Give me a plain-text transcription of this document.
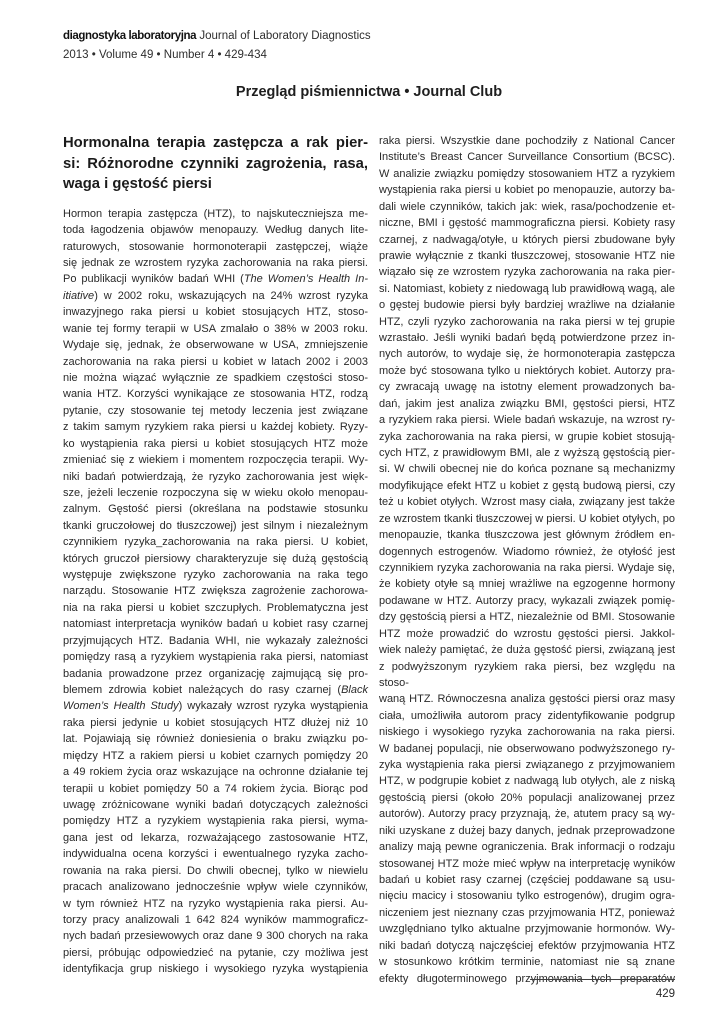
diagnostyka laboratoryjna Journal of Laboratory Diagnostics
2013 • Volume 49 • Number 4 • 429-434
Przegląd piśmiennictwa • Journal Club
Hormonalna terapia zastępcza a rak pier-
si: Różnorodne czynniki zagrożenia, rasa,
waga i gęstość piersi
Hormon terapia zastępcza (HTZ), to najskuteczniejsza me-
toda łagodzenia objawów menopauzy. Według danych lite-
raturowych, stosowanie hormonoterapii zastępczej, wiąże
się jednak ze wzrostem ryzyka zachorowania na raka piersi.
Po publikacji wyników badań WHI (The Women’s Health In-
itiative) w 2002 roku, wskazujących na 24% wzrost ryzyka
inwazyjnego raka piersi u kobiet stosujących HTZ, stoso-
wanie tej formy terapii w USA zmalało o 38% w 2003 roku.
Wydaje się, jednak, że obserwowane w USA, zmniejszenie
zachorowania na raka piersi u kobiet w latach 2002 i 2003
nie można wiązać wyłącznie ze spadkiem częstości stoso-
wania HTZ. Korzyści wynikające ze stosowania HTZ, rodzą
pytanie, czy stosowanie tej metody leczenia jest związane
z takim samym ryzykiem raka piersi u każdej kobiety. Ryzy-
ko wystąpienia raka piersi u kobiet stosujących HTZ może
zmieniać się z wiekiem i momentem rozpoczęcia terapii. Wy-
niki badań potwierdzają, że ryzyko zachorowania jest więk-
sze, jeżeli leczenie rozpoczyna się w wieku około menopau-
zalnym. Gęstość piersi (określana na podstawie stosunku
tkanki gruczołowej do tłuszczowej) jest silnym i niezależnym
czynnikiem ryzyka_zachorowania na raka piersi. U kobiet,
których gruczoł piersiowy charakteryzuje się dużą gęstością
występuje zwiększone ryzyko zachorowania na raka tego
narządu. Stosowanie HTZ zwiększa zagrożenie zachorowa-
nia na raka piersi u kobiet szczupłych. Problematyczna jest
natomiast interpretacja wyników badań u kobiet rasy czarnej
przyjmujących HTZ. Badania WHI, nie wykazały zależności
pomiędzy rasą a ryzykiem wystąpienia raka piersi, natomiast
badania prowadzone przez organizację zajmującą się pro-
blemem zdrowia kobiet należących do rasy czarnej (Black
Women’s Health Study) wykazały wzrost ryzyka wystąpienia
raka piersi jedynie u kobiet stosujących HTZ dłużej niż 10
lat. Pojawiają się również doniesienia o braku związku po-
między HTZ a rakiem piersi u kobiet czarnych pomiędzy 20
a 49 rokiem życia oraz wskazujące na ochronne działanie tej
terapii u kobiet pomiędzy 50 a 74 rokiem życia. Biorąc pod
uwagę zróżnicowane wyniki badań dotyczących zależności
pomiędzy HTZ a ryzykiem wystąpienia raka piersi, wyma-
gana jest od lekarza, rozważającego zastosowanie HTZ,
indywidualna ocena korzyści i ewentualnego ryzyka zacho-
rowania na raka piersi. Do chwili obecnej, tylko w niewielu
pracach analizowano jednocześnie wpływ wiele czynników,
w tym również HTZ na ryzyko wystąpienia raka piersi. Au-
torzy pracy analizowali 1 642 824 wyników mammograficz-
nych badań przesiewowych oraz dane 9 300 chorych na raka
piersi, próbując odpowiedzieć na pytanie, czy możliwa jest
identyfikacja grup niskiego i wysokiego ryzyka wystąpienia
raka piersi. Wszystkie dane pochodziły z National Cancer
Institute’s Breast Cancer Surveillance Consortium (BCSC).
W analizie związku pomiędzy stosowaniem HTZ a ryzykiem
wystąpienia raka piersi u kobiet po menopauzie, autorzy ba-
dali wiele czynników, takich jak: wiek, rasa/pochodzenie et-
niczne, BMI i gęstość mammograficzna piersi. Kobiety rasy
czarnej, z nadwagą/otyłe, u których piersi zbudowane były
prawie wyłącznie z tkanki tłuszczowej, stosowanie HTZ nie
wiązało się ze wzrostem ryzyka zachorowania na raka pier-
si. Natomiast, kobiety z niedowagą lub prawidłową wagą, ale
o gęstej budowie piersi były bardziej wrażliwe na działanie
HTZ, czyli ryzyko zachorowania na raka piersi w tej grupie
wzrastało. Jeśli wyniki badań będą potwierdzone przez in-
nych autorów, to wydaje się, że hormonoterapia zastępcza
może być stosowana tylko u niektórych kobiet. Autorzy pra-
cy zwracają uwagę na istotny element prowadzonych ba-
dań, jakim jest analiza związku BMI, gęstości piersi, HTZ
a ryzykiem raka piersi. Wiele badań wskazuje, na wzrost ry-
zyka zachorowania na raka piersi, w grupie kobiet stosują-
cych HTZ, z prawidłowym BMI, ale z wyższą gęstością pier-
si. W chwili obecnej nie do końca poznane są mechanizmy
modyfikujące efekt HTZ u kobiet z gęstą budową piersi, czy
też u kobiet otyłych. Wzrost masy ciała, związany jest także
ze wzrostem tkanki tłuszczowej w piersi. U kobiet otyłych, po
menopauzie, tkanka tłuszczowa jest głównym źródłem en-
dogennych estrogenów. Wiadomo również, że otyłość jest
czynnikiem ryzyka zachorowania na raka piersi. Wydaje się,
że kobiety otyłe są mniej wrażliwe na egzogenne hormony
podawane w HTZ. Autorzy pracy, wykazali związek pomię-
dzy gęstością piersi a HTZ, niezależnie od BMI. Stosowanie
HTZ może prowadzić do wzrostu gęstości piersi. Jakkol-
wiek należy pamiętać, że duża gęstość piersi, związaną jest
z podwyższonym ryzykiem raka piersi, bez względu na stoso-
waną HTZ. Równoczesna analiza gęstości piersi oraz masy
ciała, umożliwiła autorom pracy zidentyfikowanie podgrup
niskiego i wysokiego ryzyka zachorowania na raka piersi.
W badanej populacji, nie obserwowano podwyższonego ry-
zyka wystąpienia raka piersi związanego z przyjmowaniem
HTZ, w podgrupie kobiet z nadwagą lub otyłych, ale z niską
gęstością piersi (około 20% populacji analizowanej przez
autorów). Autorzy pracy przyznają, że, atutem pracy są wy-
niki uzyskane z dużej bazy danych, jednak przeprowadzone
analizy mają pewne ograniczenia. Brak informacji o rodzaju
stosowanej HTZ może mieć wpływ na interpretację wyników
badań u kobiet rasy czarnej (częściej poddawane są usu-
nięciu macicy i stosowaniu tylko estrogenów), drugim ogra-
niczeniem jest nieznany czas przyjmowania HTZ, ponieważ
uwzględniano tylko aktualne przyjmowanie hormonów. Wy-
niki badań dotyczą najczęściej efektów przyjmowania HTZ
w stosunkowo krótkim terminie, natomiast nie są znane
efekty długoterminowego przyjmowania tych preparatów
429
